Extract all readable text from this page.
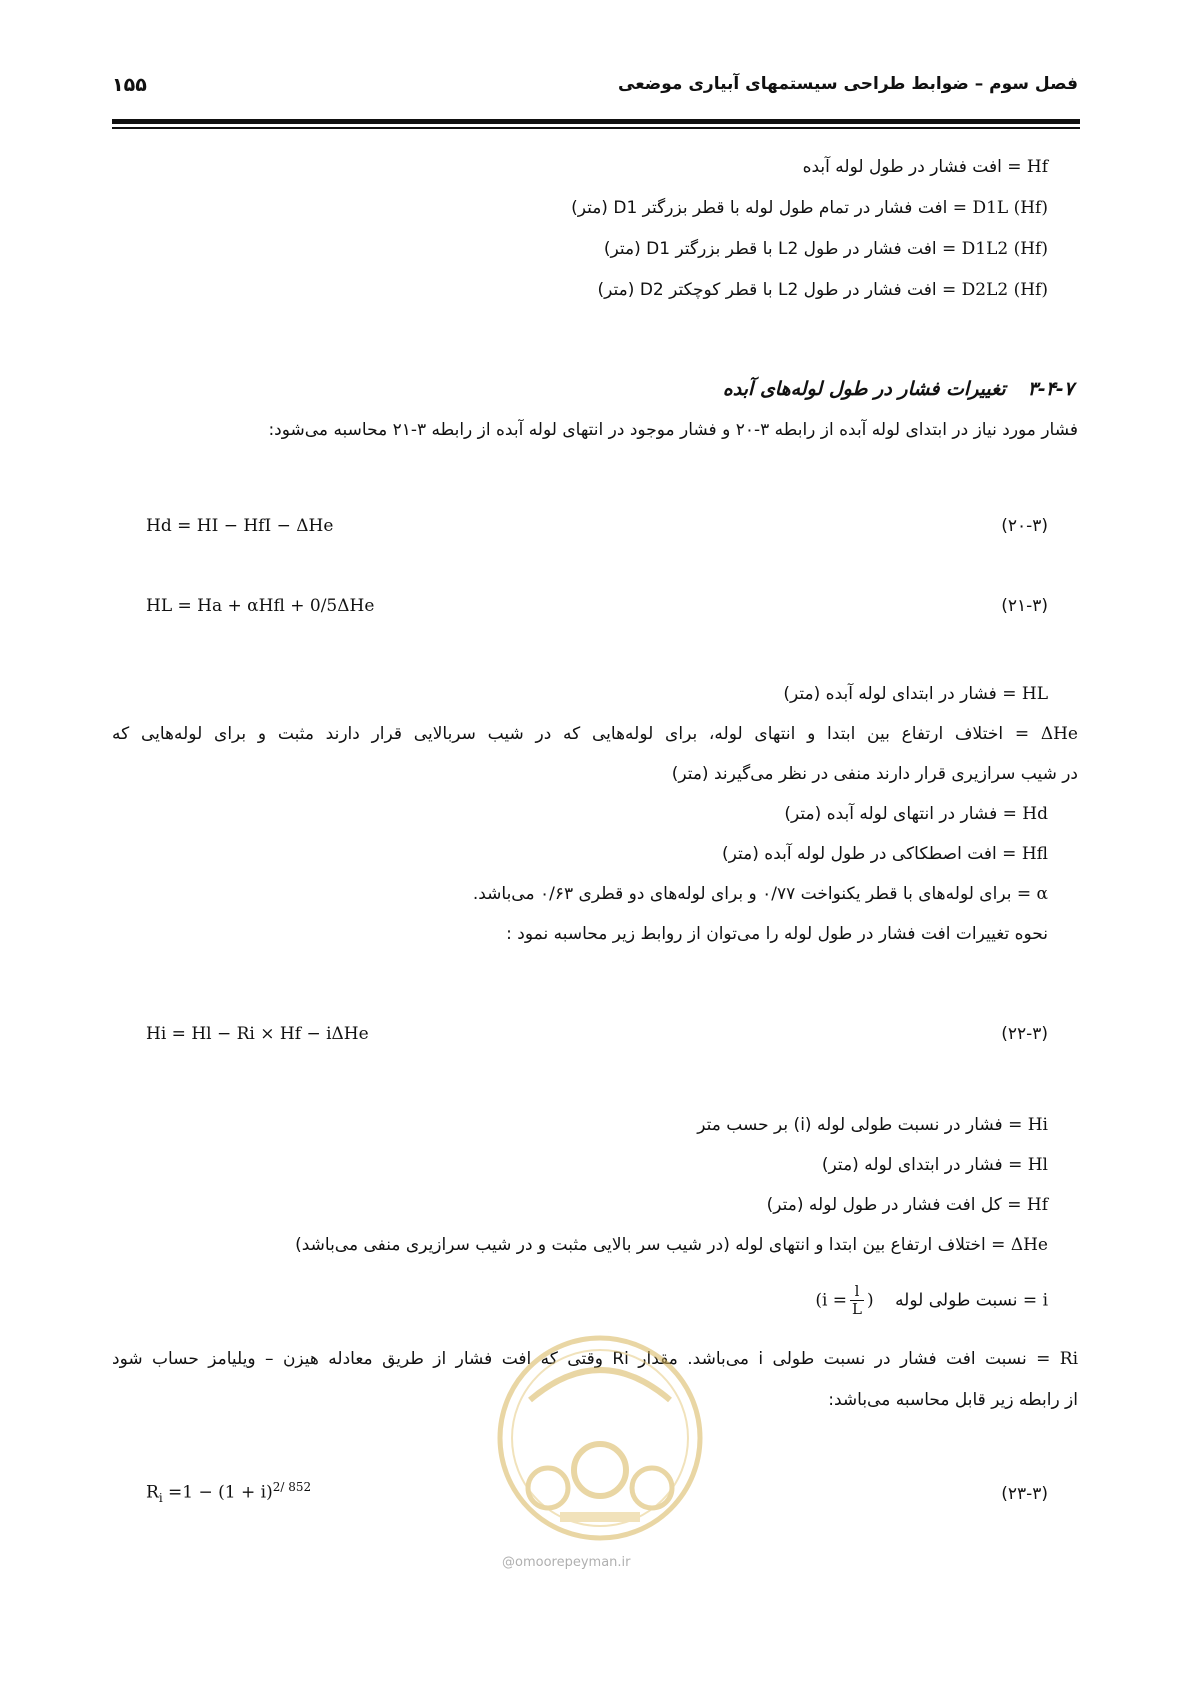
فصل سوم – ضوابط طراحی سیستمهای آبیاری موضعی
۱۵۵
Hf = افت فشار در طول لوله آبده
(Hf) D1L = افت فشار در تمام طول لوله با قطر بزرگتر D1 (متر)
(Hf) D1L2 = افت فشار در طول L2 با قطر بزرگتر D1 (متر)
(Hf) D2L2 = افت فشار در طول L2 با قطر کوچکتر D2 (متر)
۳-۴-۷تغییرات فشار در طول لوله‌های آبده
فشار مورد نیاز در ابتدای لوله آبده از رابطه ۳-۲۰ و فشار موجود در انتهای لوله آبده از رابطه ۳-۲۱ محاسبه می‌شود:
Hd = HI − HfI − ΔHe	(۲۰-۳)
HL = Ha + αHfl + 0/5ΔHe	(۲۱-۳)
HL = فشار در ابتدای لوله آبده (متر)
ΔHe = اختلاف ارتفاع بین ابتدا و انتهای لوله، برای لوله‌هایی که در شیب سربالایی قرار دارند مثبت و برای لوله‌هایی که
در شیب سرازیری قرار دارند منفی در نظر می‌گیرند (متر)
Hd = فشار در انتهای لوله آبده (متر)
Hfl = افت اصطکاکی در طول لوله آبده (متر)
α = برای لوله‌های با قطر یکنواخت ۰/۷۷ و برای لوله‌های دو قطری ۰/۶۳ می‌باشد.
نحوه تغییرات افت فشار در طول لوله را می‌توان از روابط زیر محاسبه نمود :
Hi = Hl − Ri × Hf − iΔHe	(۲۲-۳)
Hi = فشار در نسبت طولی لوله (i) بر حسب متر
Hl = فشار در ابتدای لوله (متر)
Hf = کل افت فشار در طول لوله (متر)
ΔHe = اختلاف ارتفاع بین ابتدا و انتهای لوله (در شیب سر بالایی مثبت و در شیب سرازیری منفی می‌باشد)
i = نسبت طولی لوله ($i = \frac{l}{L}$ )
Ri = نسبت افت فشار در نسبت طولی i می‌باشد. مقدار Ri وقتی که افت فشار از طریق معادله هیزن – ویلیامز حساب شود
از رابطه زیر قابل محاسبه می‌باشد:
$R_i =1 - (1 + i)^{2/ 852}$	(۲۳-۳)
@omoorepeyman.ir
